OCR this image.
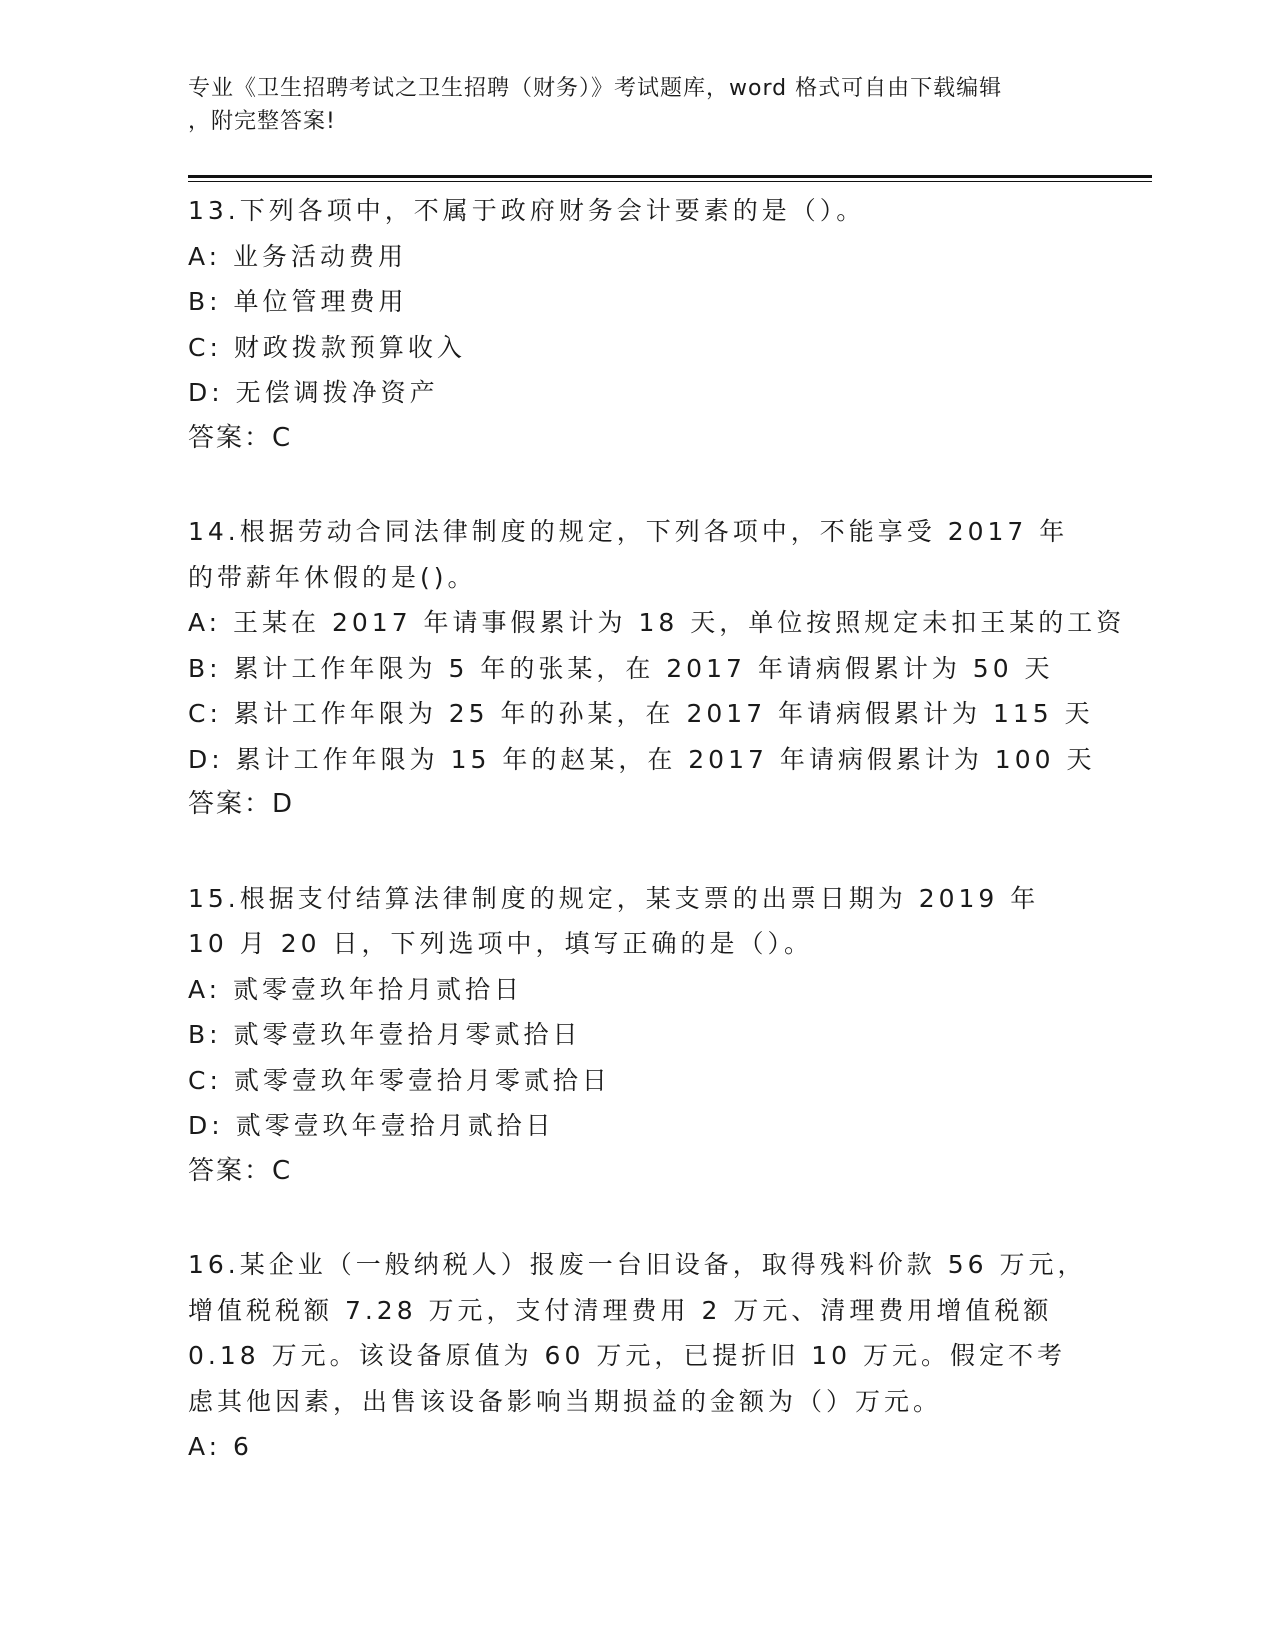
专业《卫生招聘考试之卫生招聘（财务）》考试题库，word 格式可自由下载编辑
，附完整答案!

13.下列各项中，不属于政府财务会计要素的是（）。

A: 业务活动费用

B: 单位管理费用

C: 财政拨款预算收入

D: 无偿调拨净资产

答案：C

14.根据劳动合同法律制度的规定，下列各项中，不能享受 2017 年的带薪年休假的是()。

A: 王某在 2017 年请事假累计为 18 天，单位按照规定未扣王某的工资

B: 累计工作年限为 5 年的张某，在 2017 年请病假累计为 50 天

C: 累计工作年限为 25 年的孙某，在 2017 年请病假累计为 115 天

D: 累计工作年限为 15 年的赵某，在 2017 年请病假累计为 100 天

答案：D

15.根据支付结算法律制度的规定，某支票的出票日期为 2019 年 10 月 20 日，下列选项中，填写正确的是（）。

A: 贰零壹玖年拾月贰拾日

B: 贰零壹玖年壹拾月零贰拾日

C: 贰零壹玖年零壹拾月零贰拾日

D: 贰零壹玖年壹拾月贰拾日

答案：C

16.某企业（一般纳税人）报废一台旧设备，取得残料价款 56 万元，增值税税额 7.28 万元，支付清理费用 2 万元、清理费用增值税额 0.18 万元。该设备原值为 60 万元，已提折旧 10 万元。假定不考虑其他因素，出售该设备影响当期损益的金额为（）万元。

A: 6
